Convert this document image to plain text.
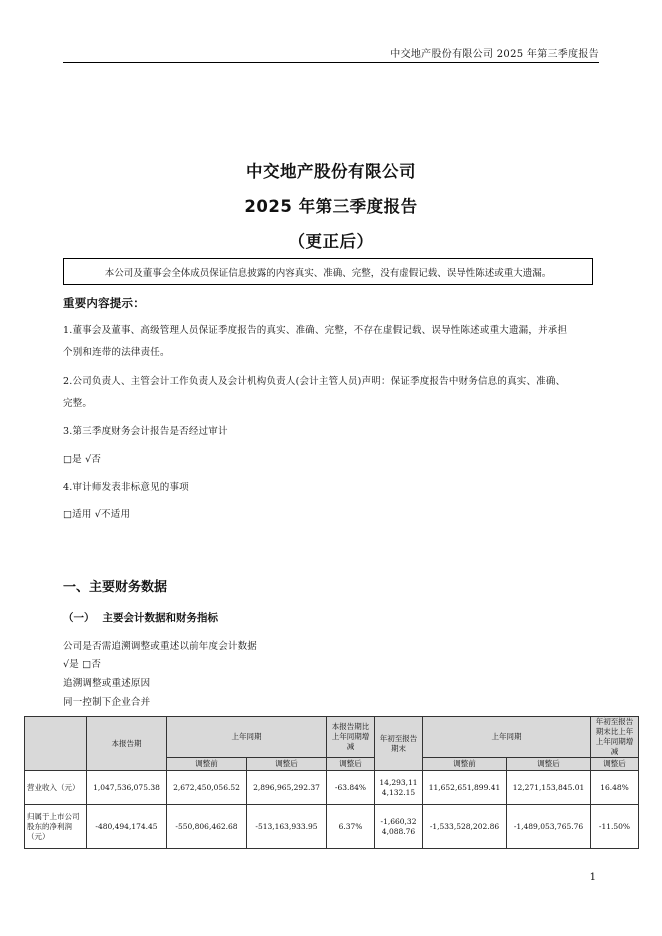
中交地产股份有限公司 2025 年第三季度报告
中交地产股份有限公司
2025 年第三季度报告
（更正后）
本公司及董事会全体成员保证信息披露的内容真实、准确、完整，没有虚假记载、误导性陈述或重大遗漏。
重要内容提示：
1.董事会及董事、高级管理人员保证季度报告的真实、准确、完整，不存在虚假记载、误导性陈述或重大遗漏，并承担
个别和连带的法律责任。
2.公司负责人、主管会计工作负责人及会计机构负责人(会计主管人员)声明：保证季度报告中财务信息的真实、准确、
完整。
3.第三季度财务会计报告是否经过审计
□是 √否
4.审计师发表非标意见的事项
□适用 √不适用
一、主要财务数据
（一） 主要会计数据和财务指标
公司是否需追溯调整或重述以前年度会计数据
√是 □否
追溯调整或重述原因
同一控制下企业合并
	本报告期	上年同期		本报告期比上年同期增减	年初至报告期末	上年同期		年初至报告期末比上年上年同期增减
		调整前	调整后	调整后		调整前	调整后	调整后
营业收入（元）	1,047,536,075.38	2,672,450,056.52	2,896,965,292.37	-63.84%	14,293,114,132.15	11,652,651,899.41	12,271,153,845.01	16.48%
归属于上市公司股东的净利润（元）	-480,494,174.45	-550,806,462.68	-513,163,933.95	6.37%	-1,660,324,088.76	-1,533,528,202.86	-1,489,053,765.76	-11.50%
1
